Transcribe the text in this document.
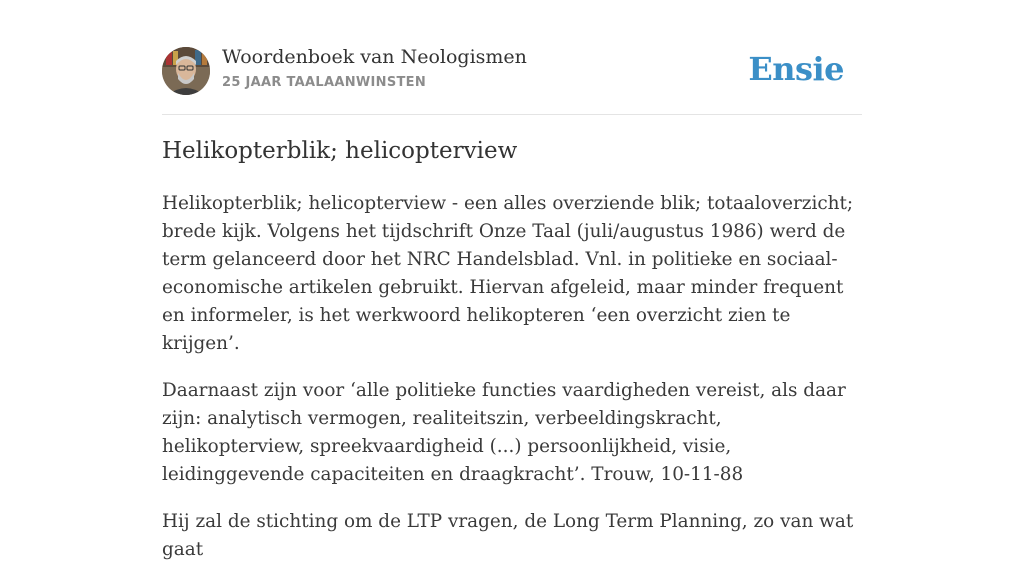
Woordenboek van Neologismen
25 JAAR TAALAANWINSTEN	Ensie
Helikopterblik; helicopterview

Helikopterblik; helicopterview - een alles overziende blik; totaaloverzicht; brede kijk. Volgens het tijdschrift Onze Taal (juli/augustus 1986) werd de term gelanceerd door het NRC Handelsblad. Vnl. in politieke en sociaal-economische artikelen gebruikt. Hiervan afgeleid, maar minder frequent en informeler, is het werkwoord helikopteren ‘een overzicht zien te krijgen’.

Daarnaast zijn voor ‘alle politieke functies vaardigheden vereist, als daar zijn: analytisch vermogen, realiteitszin, verbeeldingskracht, helikopterview, spreekvaardigheid (...) persoonlijkheid, visie, leidinggevende capaciteiten en draagkracht’. Trouw, 10-11-88

Hij zal de stichting om de LTP vragen, de Long Term Planning, zo van wat gaat
